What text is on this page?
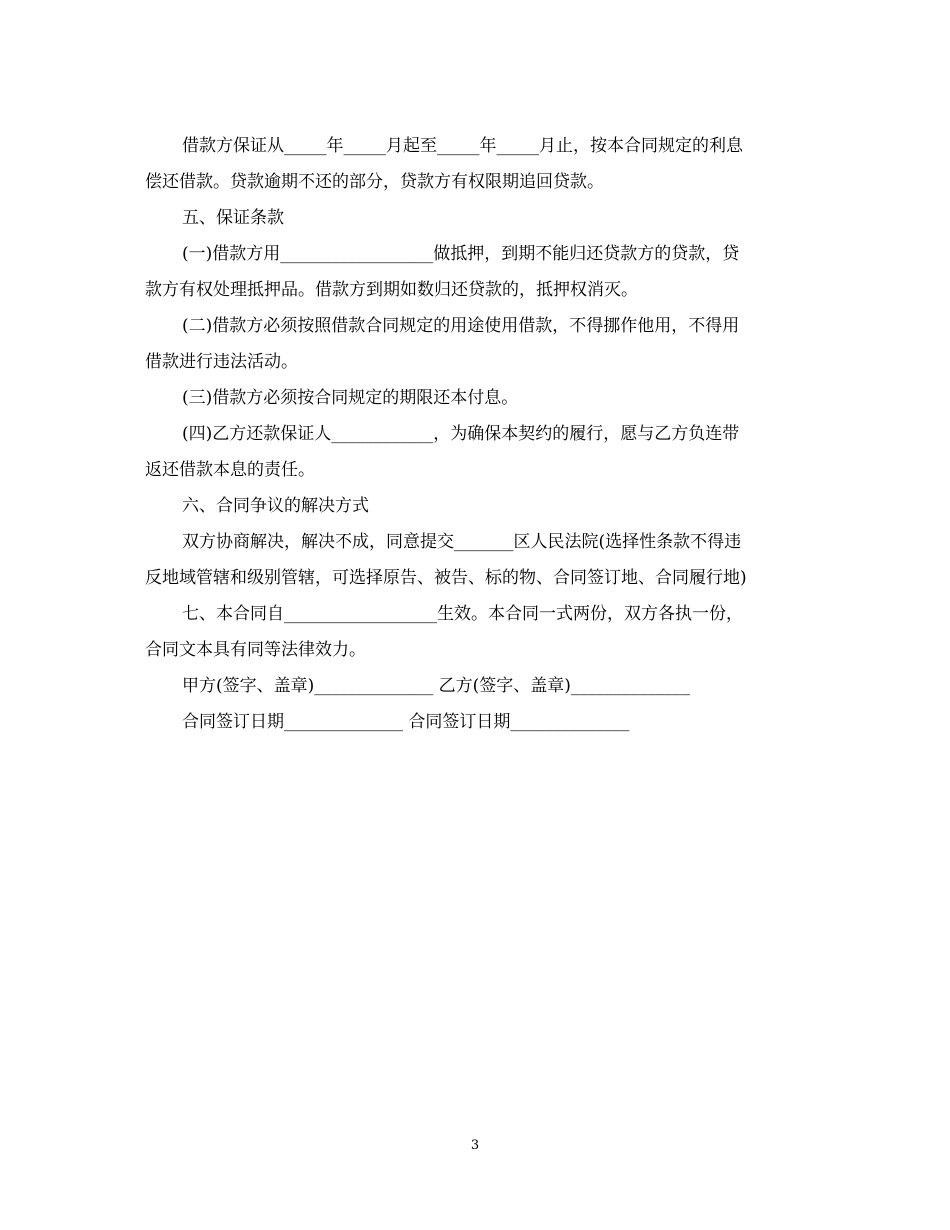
借款方保证从_____年_____月起至_____年_____月止，按本合同规定的利息
偿还借款。贷款逾期不还的部分，贷款方有权限期追回贷款。
五、保证条款
(一)借款方用__________________做抵押，到期不能归还贷款方的贷款，贷
款方有权处理抵押品。借款方到期如数归还贷款的，抵押权消灭。
(二)借款方必须按照借款合同规定的用途使用借款，不得挪作他用，不得用
借款进行违法活动。
(三)借款方必须按合同规定的期限还本付息。
(四)乙方还款保证人____________，为确保本契约的履行，愿与乙方负连带
返还借款本息的责任。
六、合同争议的解决方式
双方协商解决，解决不成，同意提交_______区人民法院(选择性条款不得违
反地域管辖和级别管辖，可选择原告、被告、标的物、合同签订地、合同履行地)
七、本合同自__________________生效。本合同一式两份，双方各执一份，
合同文本具有同等法律效力。
甲方(签字、盖章)______________ 乙方(签字、盖章)______________
合同签订日期______________ 合同签订日期______________
3
